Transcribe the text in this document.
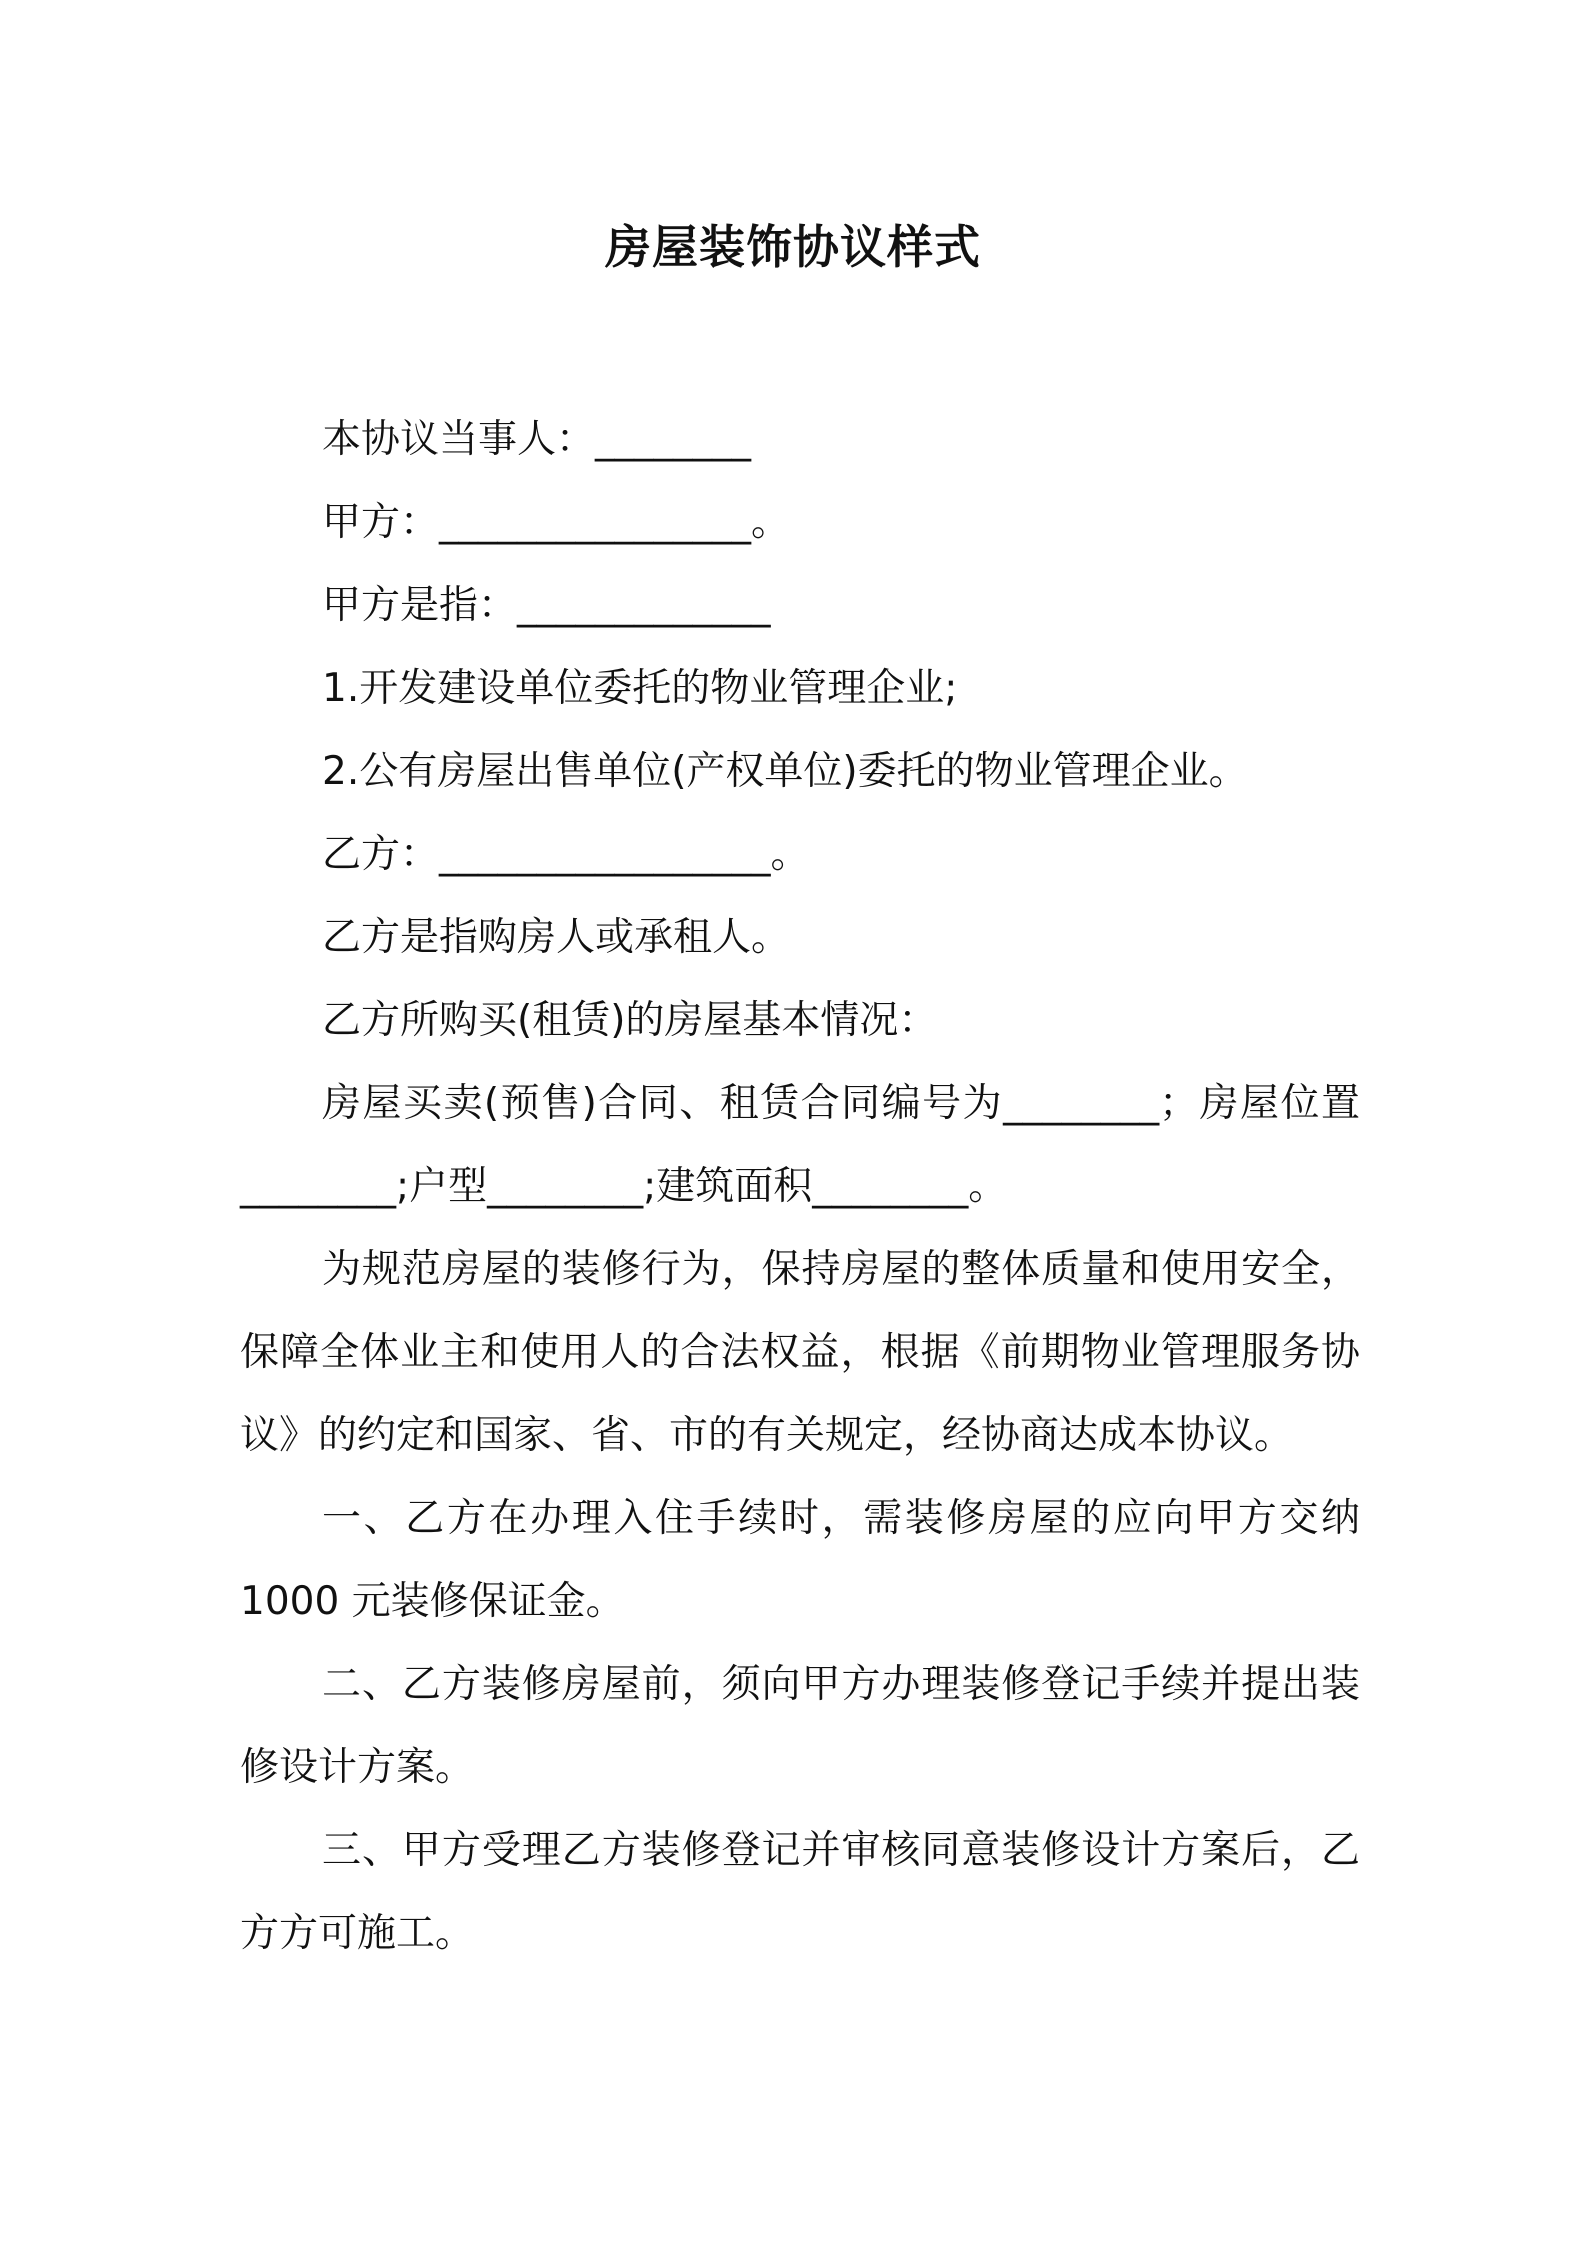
房屋装饰协议样式

本协议当事人：________

甲方：________________。

甲方是指：_____________

1.开发建设单位委托的物业管理企业;

2.公有房屋出售单位(产权单位)委托的物业管理企业。

乙方：_________________。

乙方是指购房人或承租人。

乙方所购买(租赁)的房屋基本情况：

房屋买卖(预售)合同、租赁合同编号为________；房屋位置________;户型________;建筑面积________。

为规范房屋的装修行为，保持房屋的整体质量和使用安全，保障全体业主和使用人的合法权益，根据《前期物业管理服务协议》的约定和国家、省、市的有关规定，经协商达成本协议。

一、乙方在办理入住手续时，需装修房屋的应向甲方交纳1000 元装修保证金。

二、乙方装修房屋前，须向甲方办理装修登记手续并提出装修设计方案。

三、甲方受理乙方装修登记并审核同意装修设计方案后，乙方方可施工。
